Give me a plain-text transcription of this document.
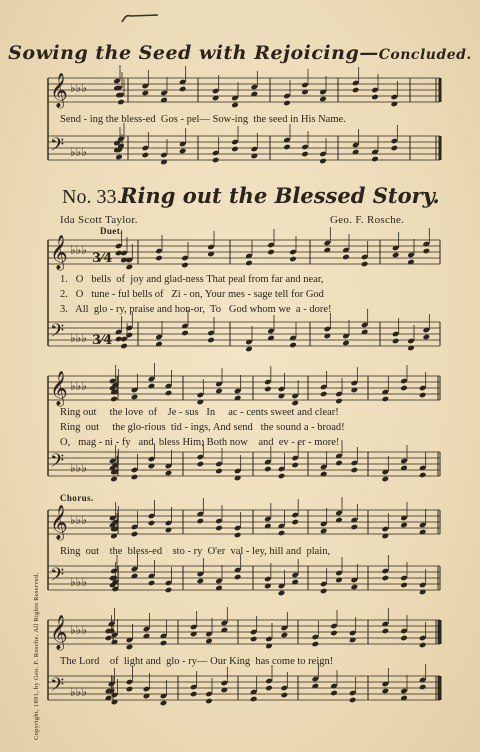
Sowing the Seed with Rejoicing—Concluded.
𝄞 ♭♭♭
𝄢 ♭♭♭
Send - ing the bless-ed  Gos - pel— Sow-ing  the seed in His Name.
No. 33.
Ring out the Blessed Story.
Ida Scott Taylor.	Geo. F. Rosche.
Duet.
Copyright, 1891, by Geo. F. Rosche. All Rights Reserved.
𝄞 ♭♭♭
3⁄4
𝄢 ♭♭♭ 3⁄4
1.   O   bells  of  joy and glad-ness That peal from far and near,
2.   O   tune - ful bells of   Zi - on, Your mes - sage tell for God
3.   All  glo - ry, praise and hon-or,  To   God whom we  a - dore!
𝄞 ♭♭♭
𝄢 ♭♭♭
Ring out     the love  of    Je - sus   In     ac - cents sweet and clear!
Ring  out     the glo-rious  tid - ings, And send   the sound a - broad!
O,   mag - ni - fy   and  bless Him; Both now    and  ev - er - more!
Chorus.
𝄞 ♭♭♭
𝄢 ♭♭♭
Ring  out    the  bless-ed    sto - ry  O'er  val - ley, hill and  plain,
𝄞 ♭♭♭
𝄢 ♭♭♭
The Lord    of  light and  glo - ry— Our King  has come to reign!
